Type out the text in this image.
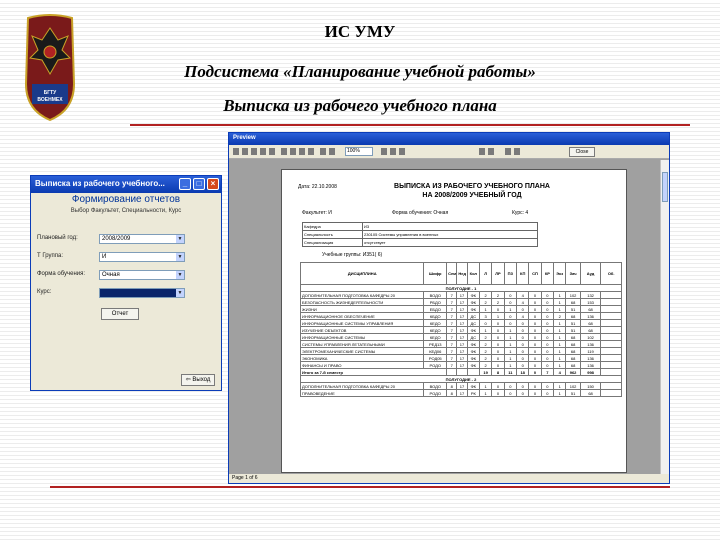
БГТУ
ВОЕНМЕХ
ИС УМУ
Подсистема «Планирование учебной работы»
Выписка из рабочего учебного плана
Выписка из рабочего учебного...	_	□	×
Формирование отчетов
Выбор Факультет, Специальности, Курс
Плановый год:	2008/2009	▼
Т Группа:	И	▼
Форма обучения:	Очная	▼
Курс:	▼
Отчет
⇦ Выход
Preview
100%	Close
Дата: 22.10.2008	ВЫПИСКА ИЗ РАБОЧЕГО УЧЕБНОГО ПЛАНА
НА 2008/2009 УЧЕБНЫЙ ГОД
Факультет: И	Форма обучения: Очная	Курс: 4
Кафедра	И3
Специальность	230105 Системы управления в военных
Специализация	отсутствует
Учебные группы: И351( 6)
ДИСЦИПЛИНА	Шифр	Сем	Нед	Кол	Л	ЛР	ПЗ	КП	СП	КР	Экз	Зач	Ауд	Об.
ПОЛУГОДИЕ - 1														
ДОПОЛНИТЕЛЬНАЯ ПОДГОТОВКА КАФЕДРЫ 20	ВОДО	7	17	ФК	2	2	0	4	0	0	1	102	132	
БЕЗОПАСНОСТЬ ЖИЗНЕДЕЯТЕЛЬНОСТИ	РБДО	7	17	ФК	2	2	0	4	0	0	1	68	153	
ЖИЗНИ	ЕБДО	7	17	ФК	1	0	1	0	0	0	1	51	68	
ИНФОРМАЦИОННОЕ ОБЕСПЕЧЕНИЕ	КБДО	7	17	ДС	3	1	0	4	0	0	2	68	136	
ИНФОРМАЦИОННЫЕ СИСТЕМЫ УПРАВЛЕНИЯ	КЕДО	7	17	ДС	0	0	0	0	0	0	1	51	68	
ИЗУЧЕНИЕ ОБЪЕКТОВ	КЕДО	7	17	ФК	1	0	1	0	0	0	1	51	68	
ИНФОРМАЦИОННЫЕ СИСТЕМЫ	КЕДО	7	17	ДС	2	0	1	0	0	0	1	68	102	
СИСТЕМЫ УПРАВЛЕНИЯ ЛЕТАТЕЛЬНЫМИ	РЕД13	7	17	ФК	2	0	1	0	0	0	1	68	136	
ЭЛЕКТРОМЕХАНИЧЕСКИЕ СИСТЕМЫ	КЕД06	7	17	ФК	2	0	1	0	0	0	1	68	119	
ЭКОНОМИКА	РОД05	7	17	ФК	2	0	1	0	0	0	1	68	136	
ФИНАНСЫ И ПРАВО	РОДО	7	17	ФК	2	0	1	0	0	0	1	68	136	
Итого за 7-й семестр					19	8	11	18	0	7	4	962	998	
ПОЛУГОДИЕ - 2														
ДОПОЛНИТЕЛЬНАЯ ПОДГОТОВКА КАФЕДРЫ 20	ВОДО	8	17	ФК	1	0	0	0	0	0	1	102	150	
ПРАВОВЕДЕНИЕ	РОДО	8	17	РК	1	0	0	0	0	0	1	51	68	
Page 1 of 6
